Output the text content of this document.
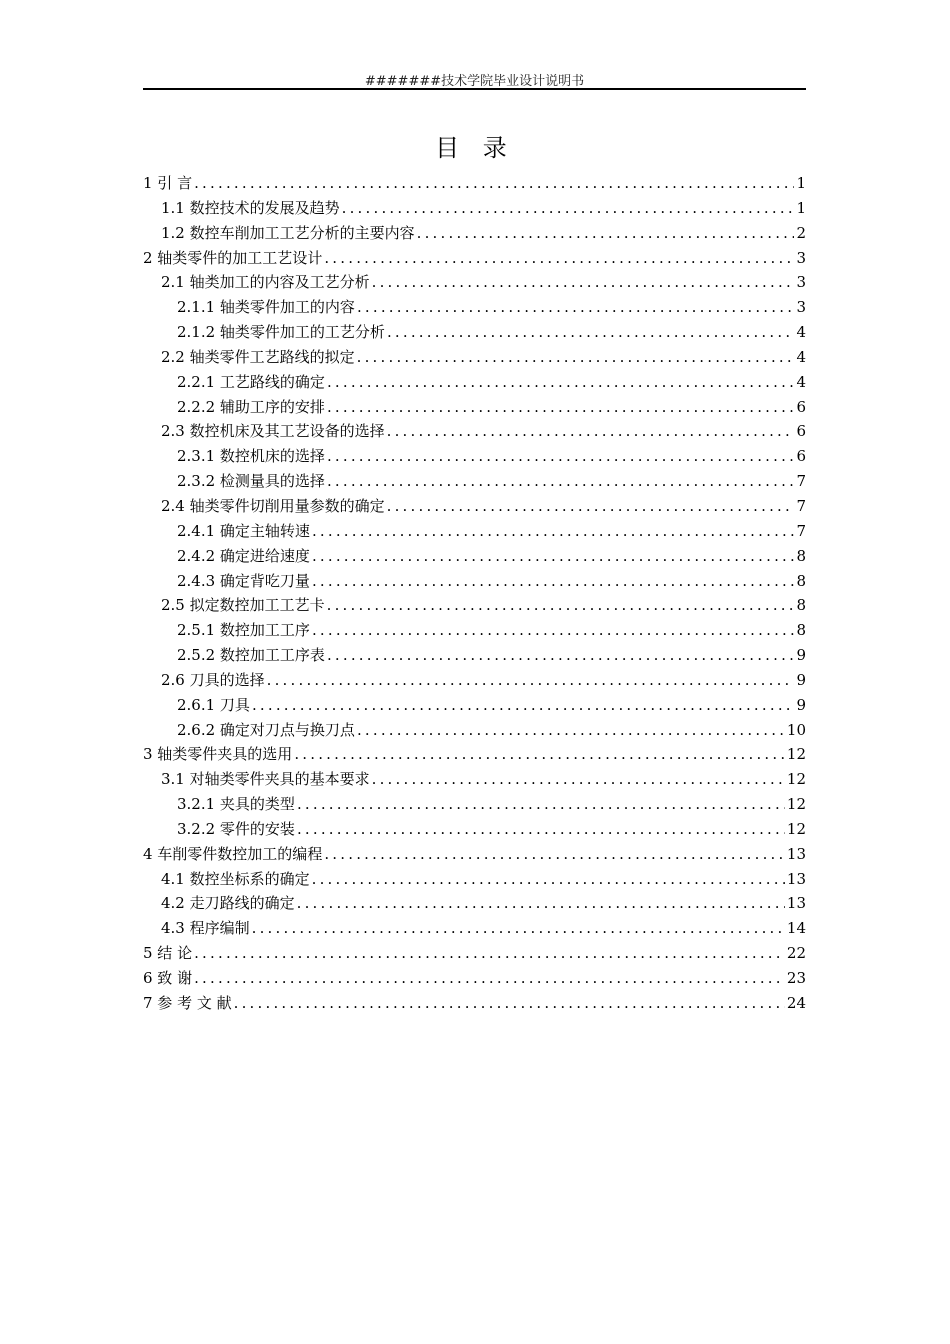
#######技术学院毕业设计说明书
目 录
1 引 言 .....	1
1.1 数控技术的发展及趋势 .....	1
1.2 数控车削加工工艺分析的主要内容 .....	2
2 轴类零件的加工工艺设计 .....	3
2.1 轴类加工的内容及工艺分析 .....	3
2.1.1 轴类零件加工的内容 .....	3
2.1.2 轴类零件加工的工艺分析 .....	4
2.2 轴类零件工艺路线的拟定 .....	4
2.2.1 工艺路线的确定 .....	4
2.2.2 辅助工序的安排 .....	6
2.3 数控机床及其工艺设备的选择 .....	6
2.3.1 数控机床的选择 .....	6
2.3.2 检测量具的选择 .....	7
2.4 轴类零件切削用量参数的确定 .....	7
2.4.1 确定主轴转速 .....	7
2.4.2 确定进给速度 .....	8
2.4.3 确定背吃刀量 .....	8
2.5 拟定数控加工工艺卡 .....	8
2.5.1 数控加工工序 .....	8
2.5.2 数控加工工序表 .....	9
2.6 刀具的选择 .....	9
2.6.1 刀具 .....	9
2.6.2 确定对刀点与换刀点 .....	10
3 轴类零件夹具的选用 .....	12
3.1 对轴类零件夹具的基本要求 .....	12
3.2.1 夹具的类型 .....	12
3.2.2 零件的安装 .....	12
4 车削零件数控加工的编程 .....	13
4.1 数控坐标系的确定 .....	13
4.2 走刀路线的确定 .....	13
4.3 程序编制 .....	14
5 结 论 .....	22
6 致 谢 .....	23
7 参 考 文 献 .....	24
